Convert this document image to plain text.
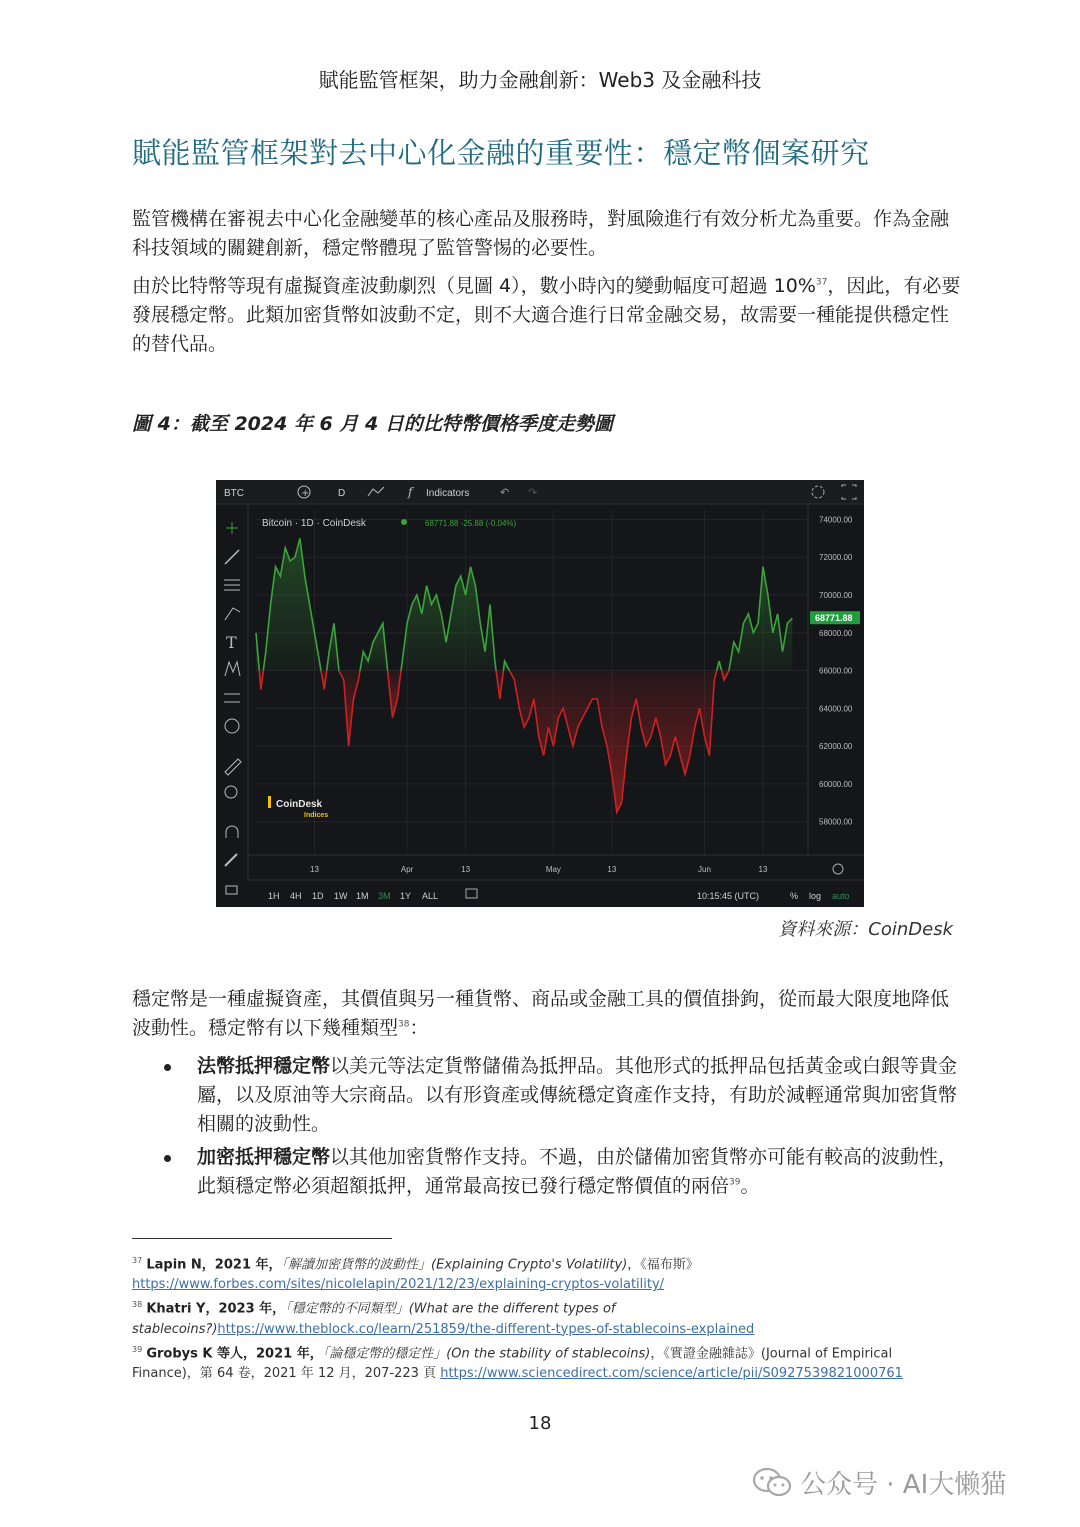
賦能監管框架，助力金融創新：Web3 及金融科技
賦能監管框架對去中心化金融的重要性：穩定幣個案研究
監管機構在審視去中心化金融變革的核心產品及服務時，對風險進行有效分析尤為重要。作為金融科技領域的關鍵創新，穩定幣體現了監管警惕的必要性。
由於比特幣等現有虛擬資產波動劇烈（見圖 4），數小時內的變動幅度可超過 10%$^{37}$，因此，有必要發展穩定幣。此類加密貨幣如波動不定，則不大適合進行日常金融交易，故需要一種能提供穩定性的替代品。
圖 4：截至 2024 年 6 月 4 日的比特幣價格季度走勢圖
BTC	+	D	f Indicators	↶ ↷
T
74000.00
72000.00
70000.00
68000.00
66000.00
64000.00
62000.00
60000.00
58000.00
13	Apr	13	May	13	Jun	13
Bitcoin · 1D · CoinDesk	68771.88 -25.88 (-0.04%)
CoinDesk
Indices
68771.88
1H 4H 1D 1W 1M 3M 1Y ALL	10:15:45 (UTC)	% log auto
資料來源：CoinDesk
穩定幣是一種虛擬資產，其價值與另一種貨幣、商品或金融工具的價值掛鉤，從而最大限度地降低波動性。穩定幣有以下幾種類型$^{38}$：
法幣抵押穩定幣以美元等法定貨幣儲備為抵押品。其他形式的抵押品包括黃金或白銀等貴金屬，以及原油等大宗商品。以有形資產或傳統穩定資產作支持，有助於減輕通常與加密貨幣相關的波動性。
加密抵押穩定幣以其他加密貨幣作支持。不過，由於儲備加密貨幣亦可能有較高的波動性，此類穩定幣必須超額抵押，通常最高按已發行穩定幣價值的兩倍$^{39}$。

$^{37}$ Lapin N，2021 年，「解讀加密貨幣的波動性」(Explaining Crypto's Volatility)，《福布斯》
https://www.forbes.com/sites/nicolelapin/2021/12/23/explaining-cryptos-volatility/

$^{38}$ Khatri Y，2023 年，「穩定幣的不同類型」(What are the different types of stablecoins?)https://www.theblock.co/learn/251859/the-different-types-of-stablecoins-explained

$^{39}$ Grobys K 等人，2021 年，「論穩定幣的穩定性」(On the stability of stablecoins)，《實證金融雜誌》(Journal of Empirical Finance)，第 64 卷，2021 年 12 月，207-223 頁 https://www.sciencedirect.com/science/article/pii/S0927539821000761

18
公众号 · AI大懒猫
